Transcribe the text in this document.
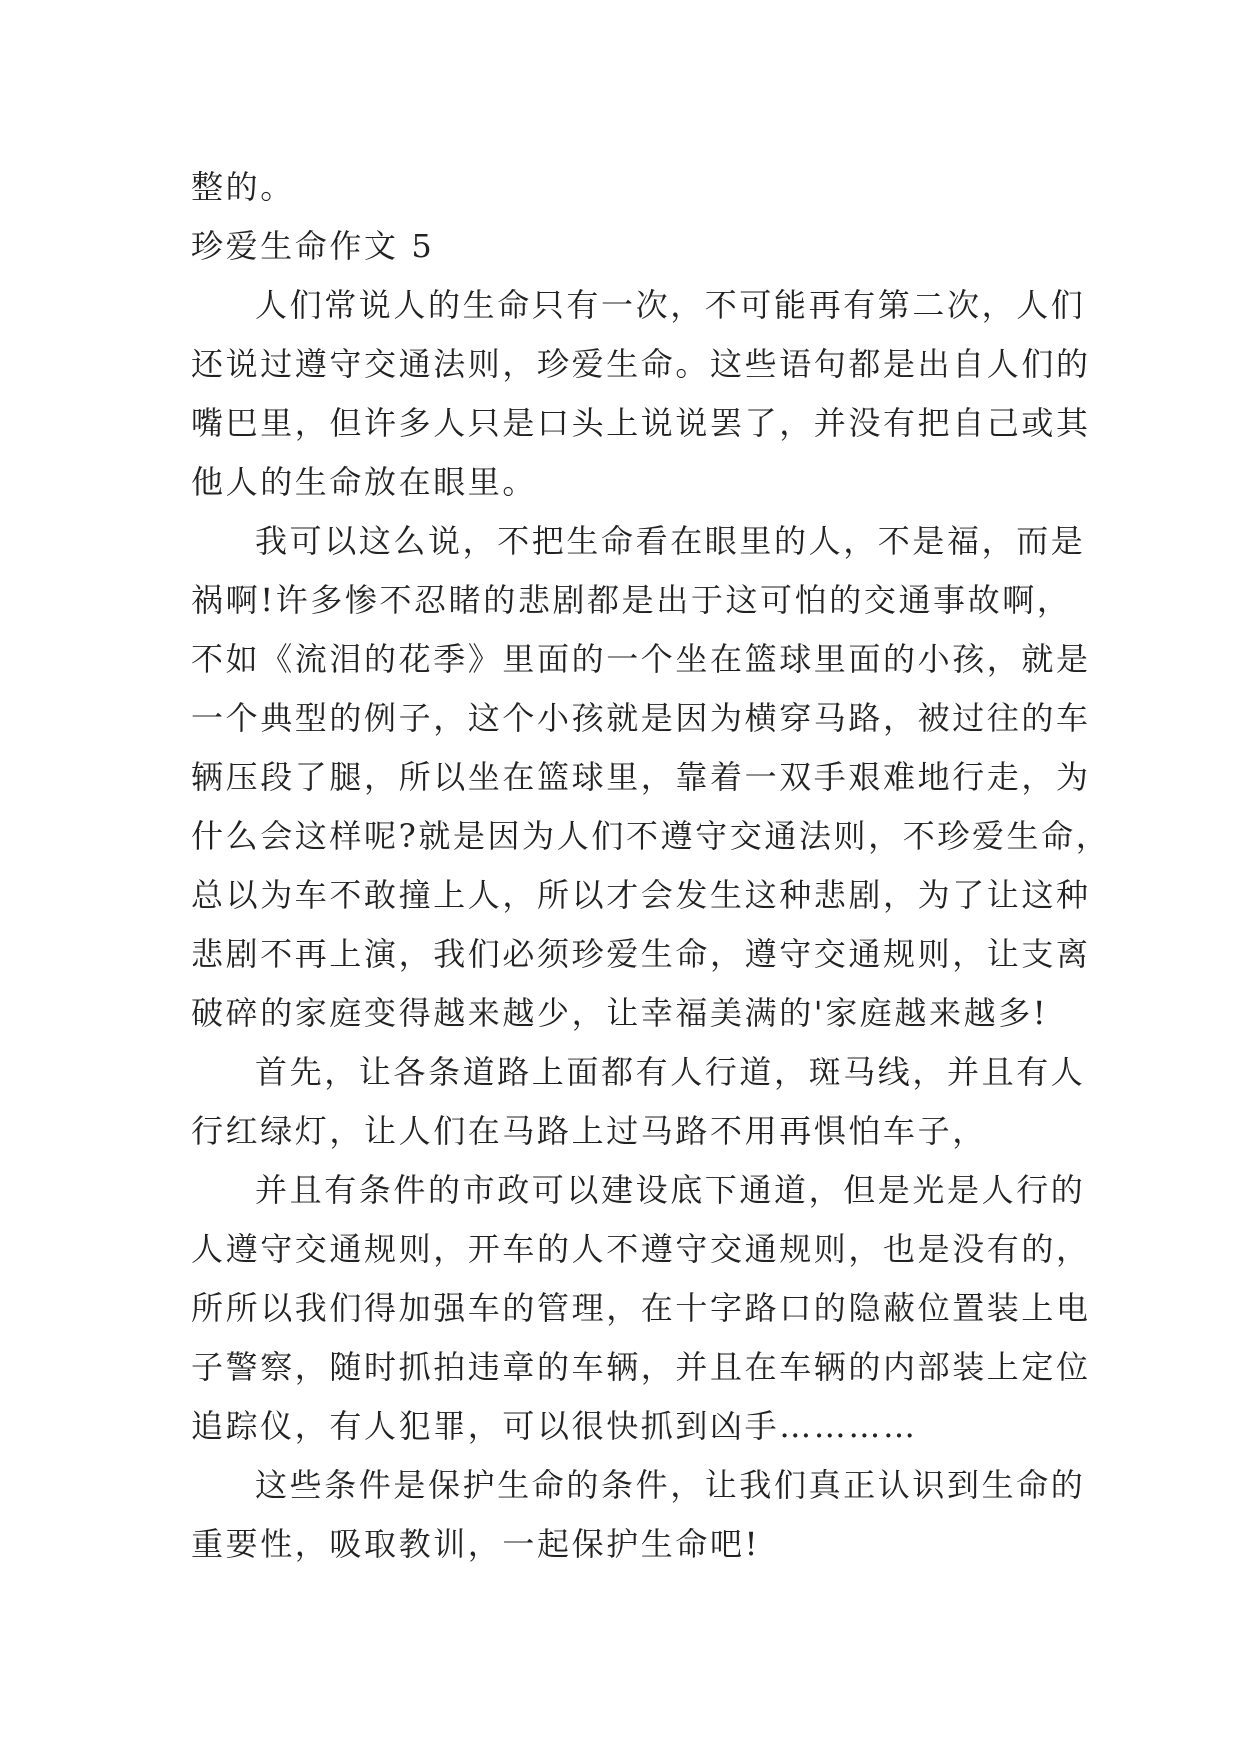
整的。
珍爱生命作文 5
人们常说人的生命只有一次，不可能再有第二次，人们
还说过遵守交通法则，珍爱生命。这些语句都是出自人们的
嘴巴里，但许多人只是口头上说说罢了，并没有把自己或其
他人的生命放在眼里。
我可以这么说，不把生命看在眼里的人，不是福，而是
祸啊!许多惨不忍睹的悲剧都是出于这可怕的交通事故啊，
不如《流泪的花季》里面的一个坐在篮球里面的小孩，就是
一个典型的例子，这个小孩就是因为横穿马路，被过往的车
辆压段了腿，所以坐在篮球里，靠着一双手艰难地行走，为
什么会这样呢?就是因为人们不遵守交通法则，不珍爱生命，
总以为车不敢撞上人，所以才会发生这种悲剧，为了让这种
悲剧不再上演，我们必须珍爱生命，遵守交通规则，让支离
破碎的家庭变得越来越少，让幸福美满的'家庭越来越多!
首先，让各条道路上面都有人行道，斑马线，并且有人
行红绿灯，让人们在马路上过马路不用再惧怕车子，
并且有条件的市政可以建设底下通道，但是光是人行的
人遵守交通规则，开车的人不遵守交通规则，也是没有的，
所所以我们得加强车的管理，在十字路口的隐蔽位置装上电
子警察，随时抓拍违章的车辆，并且在车辆的内部装上定位
追踪仪，有人犯罪，可以很快抓到凶手…………
这些条件是保护生命的条件，让我们真正认识到生命的
重要性，吸取教训，一起保护生命吧!
